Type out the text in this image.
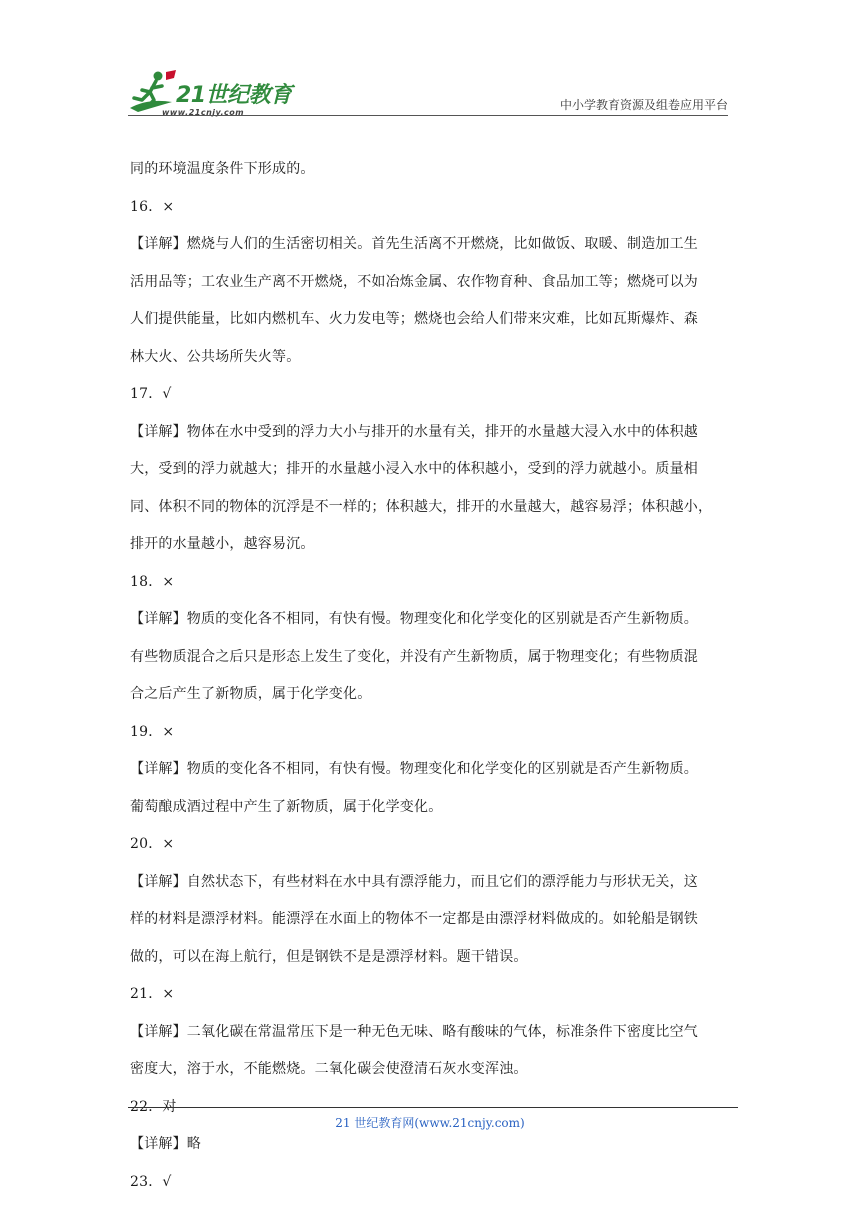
21世纪教育
www.21cnjy.com
中小学教育资源及组卷应用平台

同的环境温度条件下形成的。

16．×

【详解】燃烧与人们的生活密切相关。首先生活离不开燃烧，比如做饭、取暖、制造加工生

活用品等；工农业生产离不开燃烧，不如冶炼金属、农作物育种、食品加工等；燃烧可以为

人们提供能量，比如内燃机车、火力发电等；燃烧也会给人们带来灾难，比如瓦斯爆炸、森

林大火、公共场所失火等。

17．√

【详解】物体在水中受到的浮力大小与排开的水量有关，排开的水量越大浸入水中的体积越

大，受到的浮力就越大；排开的水量越小浸入水中的体积越小，受到的浮力就越小。质量相

同、体积不同的物体的沉浮是不一样的；体积越大，排开的水量越大，越容易浮；体积越小，

排开的水量越小，越容易沉。

18．×

【详解】物质的变化各不相同，有快有慢。物理变化和化学变化的区别就是否产生新物质。

有些物质混合之后只是形态上发生了变化，并没有产生新物质，属于物理变化；有些物质混

合之后产生了新物质，属于化学变化。

19．×

【详解】物质的变化各不相同，有快有慢。物理变化和化学变化的区别就是否产生新物质。

葡萄酿成酒过程中产生了新物质，属于化学变化。

20．×

【详解】自然状态下，有些材料在水中具有漂浮能力，而且它们的漂浮能力与形状无关，这

样的材料是漂浮材料。能漂浮在水面上的物体不一定都是由漂浮材料做成的。如轮船是钢铁

做的，可以在海上航行，但是钢铁不是是漂浮材料。题干错误。

21．×

【详解】二氧化碳在常温常压下是一种无色无味、略有酸味的气体，标准条件下密度比空气

密度大，溶于水，不能燃烧。二氧化碳会使澄清石灰水变浑浊。

22．对

【详解】略

23．√

21 世纪教育网(www.21cnjy.com)
